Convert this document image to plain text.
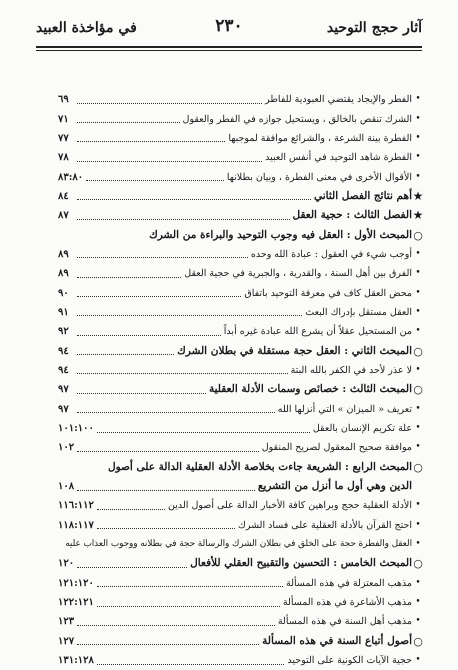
آثار حجج التوحيد
٢٣٠
في مؤاخذة العبيد
•
الفطر والإيجاد يقتضي العبودية للفاطر
٦٩
•
الشرك تنقص بالخالق ، ويستحيل جوازه في الفطر والعقول
٧١
•
الفطرة بينة الشرعة ، والشرائع موافقة لموجبها
٧٧
•
الفطرة شاهد التوحيد في أنفس العبيد
٧٨
•
الأقوال الأخرى في معنى الفطرة ، وبيان بطلانها
٨٣:٨٠
★
أهم نتائج الفصل الثاني
٨٤
★
الفصل الثالث : حجية العقل
٨٧
○
المبحث الأول : العقل فيه وجوب التوحيد والبراءة من الشرك
•
أوجب شيء في العقول : عبادة الله وحده
٨٩
•
الفرق بين أهل السنة ، والقدرية ، والجبرية في حجية العقل
٨٩
•
محض العقل كاف في معرفة التوحيد باتفاق
٩٠
•
العقل مستقل بإدراك البعث
٩١
•
من المستحيل عقلاً أن يشرع الله عبادة غيره أبداً
٩٢
○
المبحث الثاني : العقل حجة مستقلة في بطلان الشرك
٩٤
•
لا عذر لأحد في الكفر بالله البتة
٩٤
○
المبحث الثالث : خصائص وسمات الأدلة العقلية
٩٧
•
تعريف « الميزان » التي أنزلها الله
٩٧
•
علة تكريم الإنسان بالعقل
١٠١:١٠٠
•
موافقة صحيح المعقول لصريح المنقول
١٠٢
○
المبحث الرابع : الشريعة جاءت بخلاصة الأدلة العقلية الدالة على أصول
الدين وهي أول ما أنزل من التشريع
١٠٨
•
الأدلة العقلية حجج وبراهين كافة الأخبار الدالة على أصول الدين
١١٦:١١٢
•
احتج القرآن بالأدلة العقلية على فساد الشرك
١١٨:١١٧
•
العقل والفطرة حجة على الخلق في بطلان الشرك والرسالة حجة في بطلانه ووجوب العذاب عليه
○
المبحث الخامس : التحسين والتقبيح العقلي للأفعال
١٢٠
•
مذهب المعتزلة في هذه المسألة
١٢١:١٢٠
•
مذهب الأشاعرة في هذه المسألة
١٢٢:١٢١
•
مذهب أهل السنة في هذه المسألة
١٢٣
○
أصول أتباع السنة في هذه المسألة
١٢٧
•
حجية الآيات الكونية على التوحيد
١٣١:١٢٨
